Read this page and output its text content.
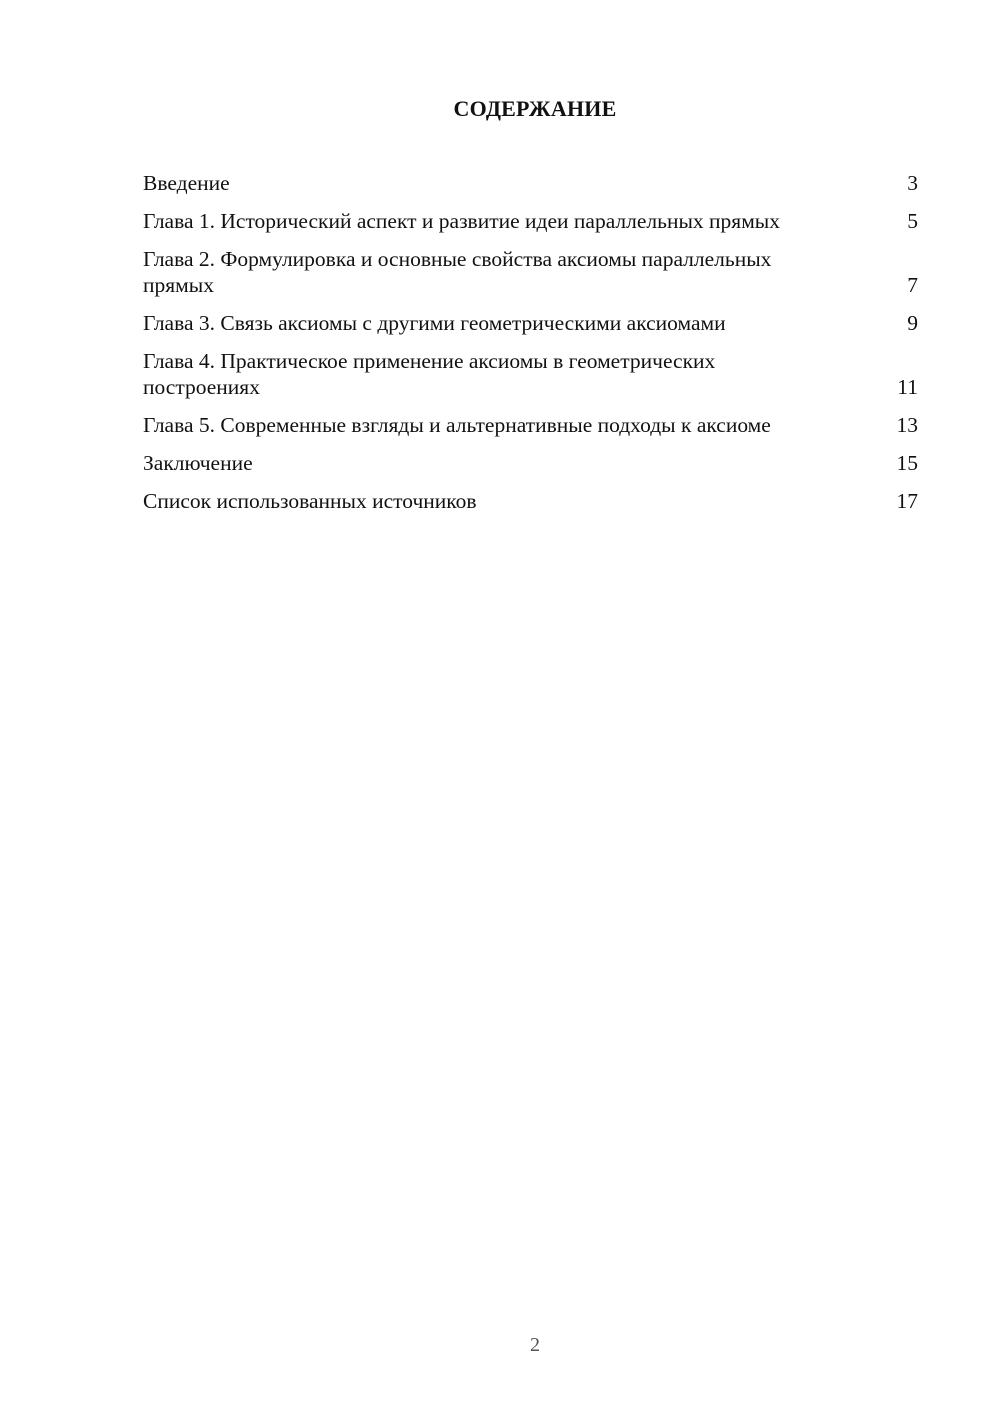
СОДЕРЖАНИЕ
Введение	3
Глава 1. Исторический аспект и развитие идеи параллельных прямых	5
Глава 2. Формулировка и основные свойства аксиомы параллельных прямых	7
Глава 3. Связь аксиомы с другими геометрическими аксиомами	9
Глава 4. Практическое применение аксиомы в геометрических построениях	11
Глава 5. Современные взгляды и альтернативные подходы к аксиоме	13
Заключение	15
Список использованных источников	17
2
